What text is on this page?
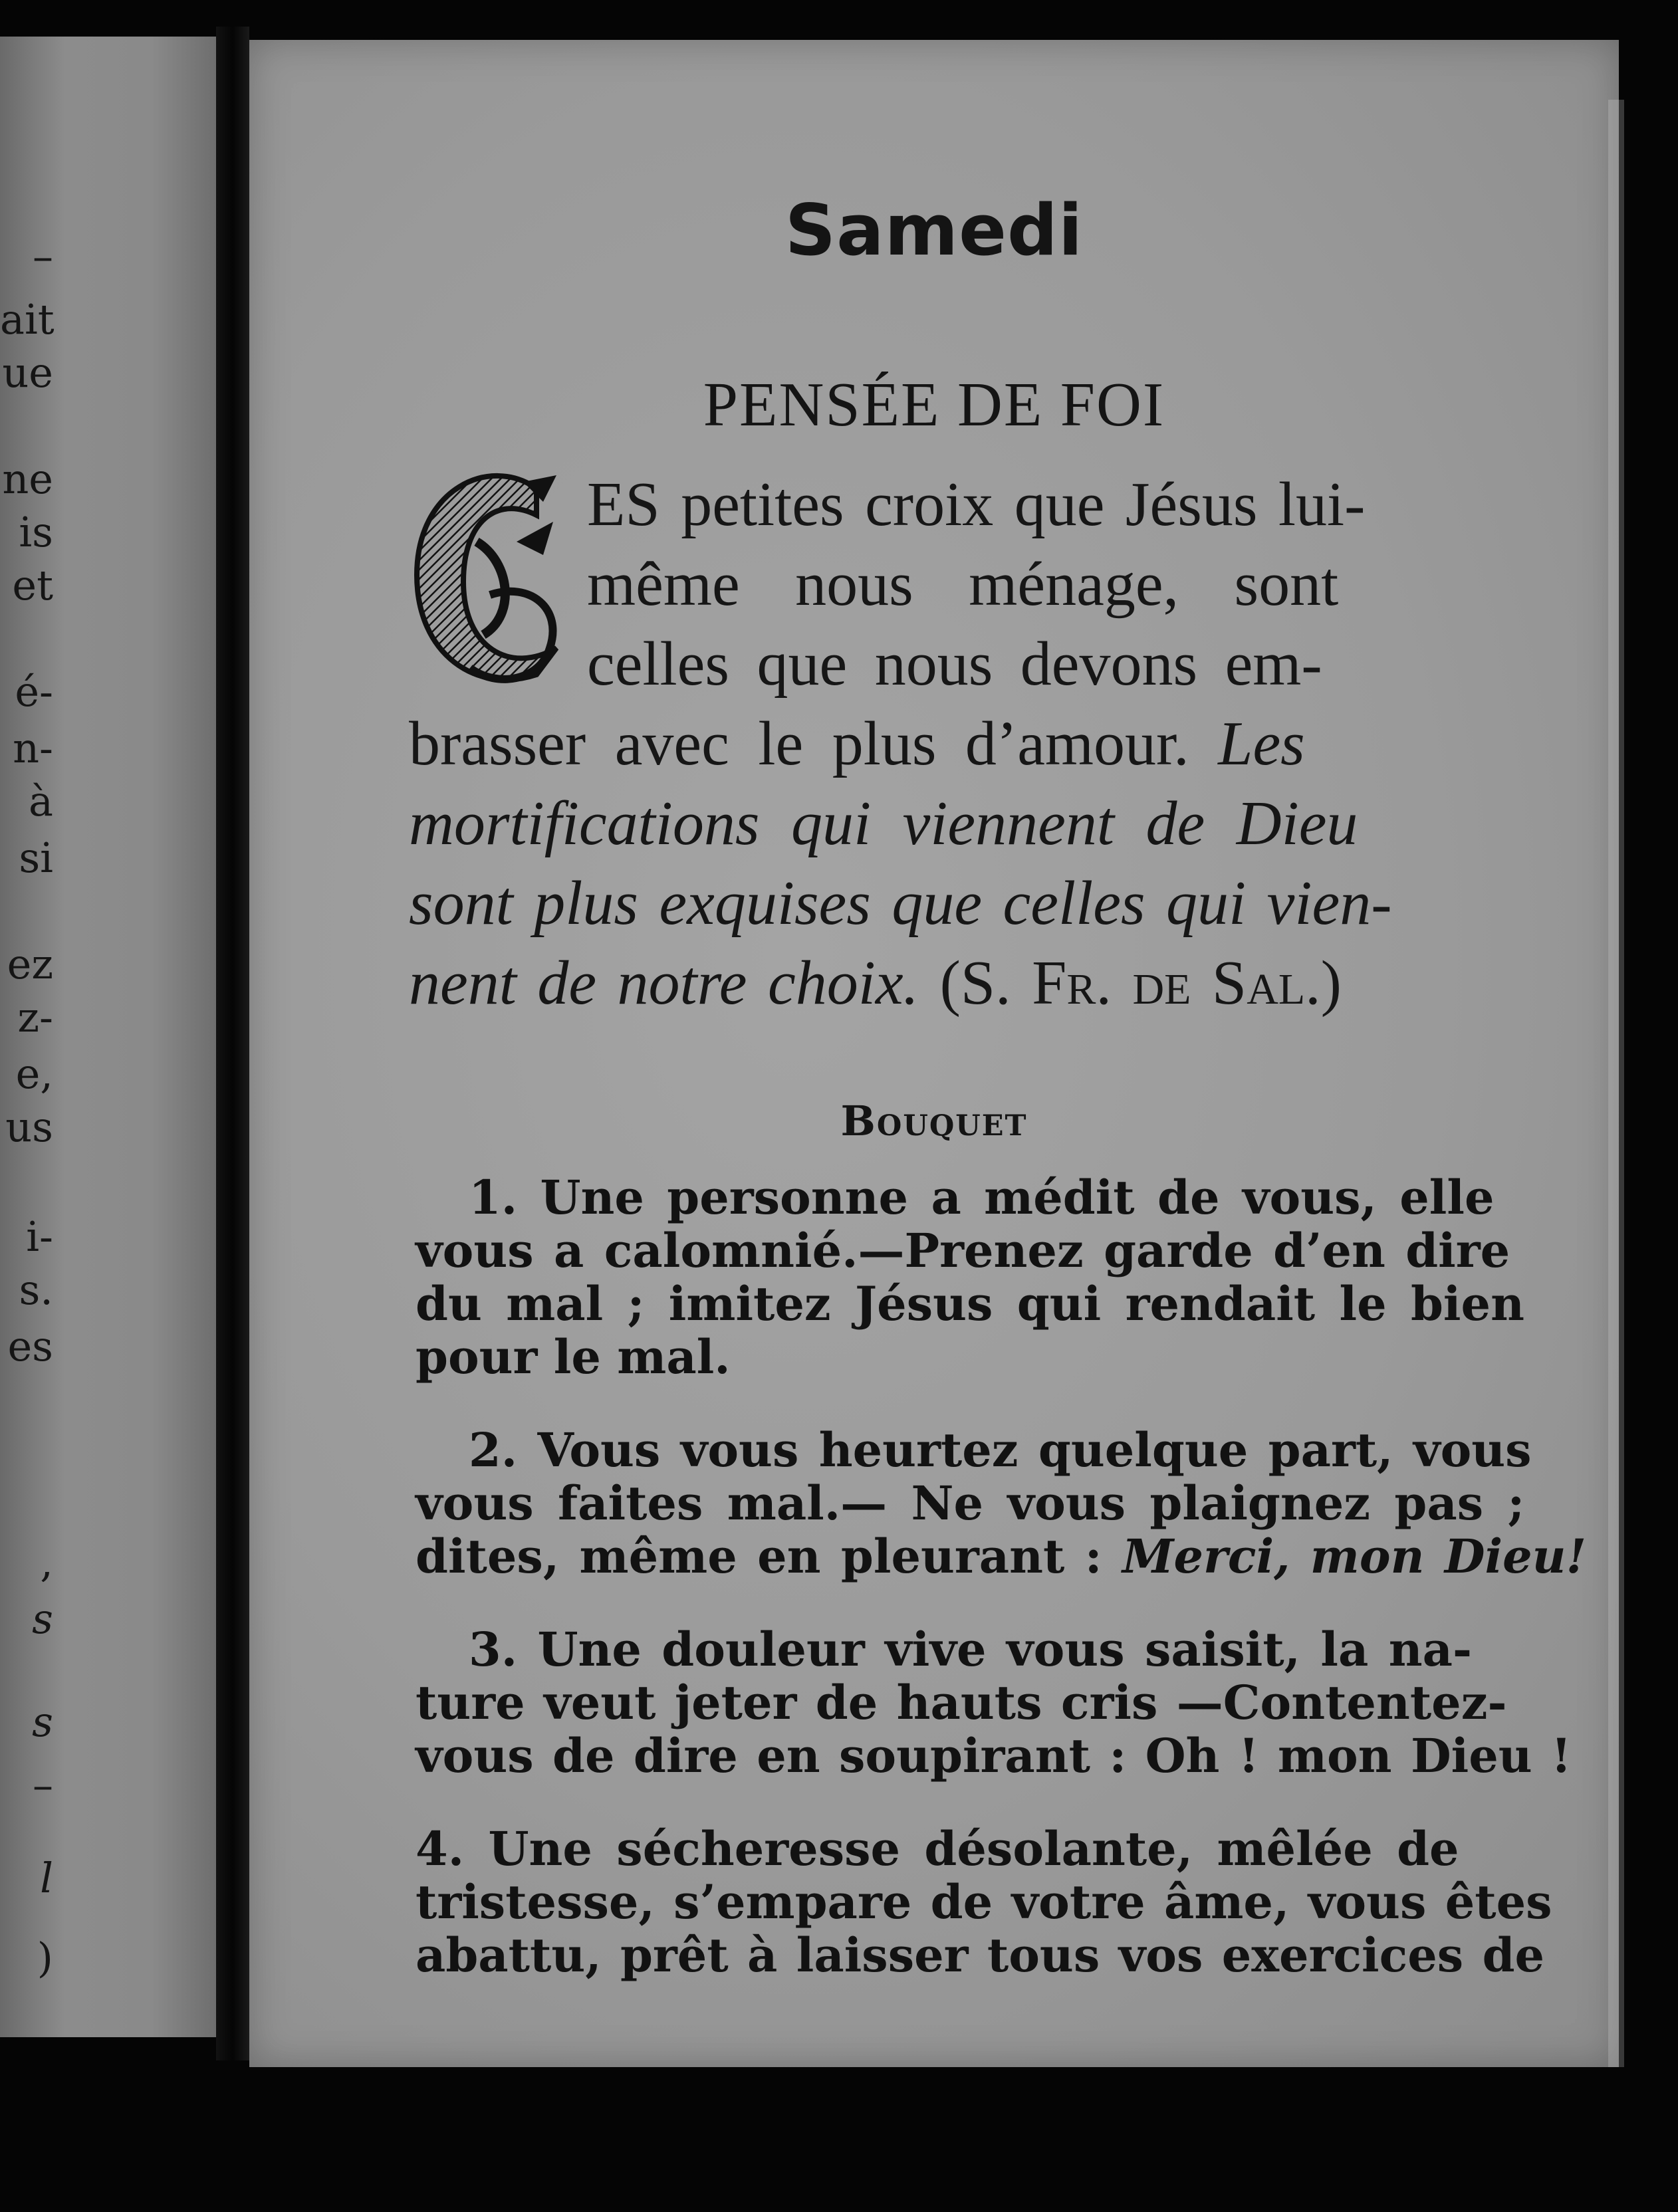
–
ait
ue
ne
is
et
é-
n-
à
si
ez
z-
e,
us
i-
s.
es
,
s
s
–
l
)
Samedi
PENSÉE DE FOI
ES petites croix que Jésus lui-
même nous ménage, sont
celles que nous devons em-
brasser avec le plus d’amour. Les
mortifications qui viennent de Dieu
sont plus exquises que celles qui vien-
nent de notre choix. (S. Fr. de Sal.)
Bouquet
1. Une personne a médit de vous, elle
vous a calomnié.—Prenez garde d’en dire
du mal ; imitez Jésus qui rendait le bien
pour le mal.
2. Vous vous heurtez quelque part, vous
vous faites mal.— Ne vous plaignez pas ;
dites, même en pleurant : Merci, mon Dieu!
3. Une douleur vive vous saisit, la na-
ture veut jeter de hauts cris —Contentez-
vous de dire en soupirant : Oh ! mon Dieu !
4. Une sécheresse désolante, mêlée de
tristesse, s’empare de votre âme, vous êtes
abattu, prêt à laisser tous vos exercices de
